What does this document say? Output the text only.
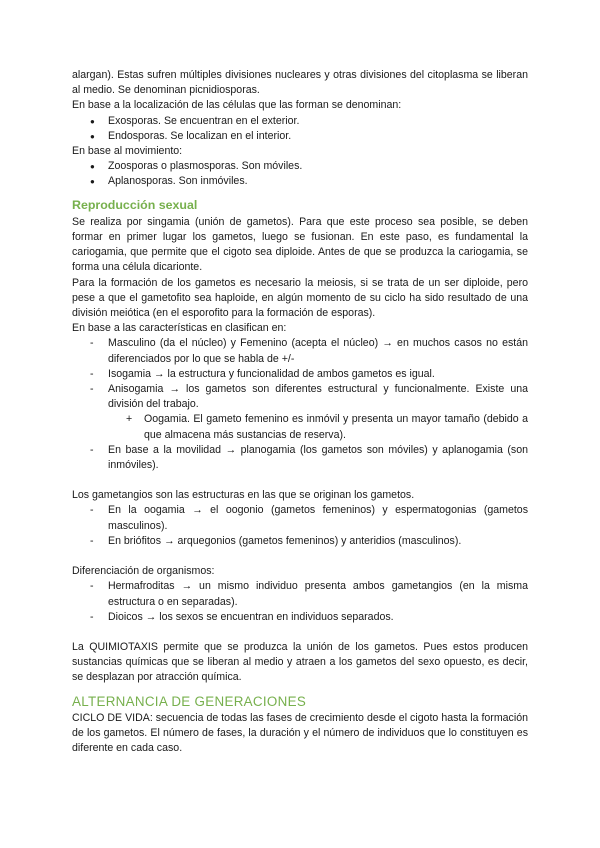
alargan). Estas sufren múltiples divisiones nucleares y otras divisiones del citoplasma se liberan al medio. Se denominan picnidiosporas.

En base a la localización de las células que las forman se denominan:

● Exosporas. Se encuentran en el exterior.
● Endosporas. Se localizan en el interior.

En base al movimiento:

● Zoosporas o plasmosporas. Son móviles.
● Aplanosporas. Son inmóviles.
Reproducción sexual

Se realiza por singamia (unión de gametos). Para que este proceso sea posible, se deben formar en primer lugar los gametos, luego se fusionan. En este paso, es fundamental la cariogamia, que permite que el cigoto sea diploide. Antes de que se produzca la cariogamia, se forma una célula dicarionte.

Para la formación de los gametos es necesario la meiosis, si se trata de un ser diploide, pero pese a que el gametofito sea haploide, en algún momento de su ciclo ha sido resultado de una división meiótica (en el esporofito para la formación de esporas).

En base a las características en clasifican en:

- Masculino (da el núcleo) y Femenino (acepta el núcleo) → en muchos casos no están diferenciados por lo que se habla de +/-
- Isogamia → la estructura y funcionalidad de ambos gametos es igual.
- Anisogamia → los gametos son diferentes estructural y funcionalmente. Existe una división del trabajo.
+ Oogamia. El gameto femenino es inmóvil y presenta un mayor tamaño (debido a que almacena más sustancias de reserva).
- En base a la movilidad → planogamia (los gametos son móviles) y aplanogamia (son inmóviles).

Los gametangios son las estructuras en las que se originan los gametos.

- En la oogamia → el oogonio (gametos femeninos) y espermatogonias (gametos masculinos).
- En briófitos → arquegonios (gametos femeninos) y anteridios (masculinos).

Diferenciación de organismos:

- Hermafroditas → un mismo individuo presenta ambos gametangios (en la misma estructura o en separadas).
- Dioicos → los sexos se encuentran en individuos separados.

La QUIMIOTAXIS permite que se produzca la unión de los gametos. Pues estos producen sustancias químicas que se liberan al medio y atraen a los gametos del sexo opuesto, es decir, se desplazan por atracción química.

ALTERNANCIA DE GENERACIONES

CICLO DE VIDA: secuencia de todas las fases de crecimiento desde el cigoto hasta la formación de los gametos. El número de fases, la duración y el número de individuos que lo constituyen es diferente en cada caso.
